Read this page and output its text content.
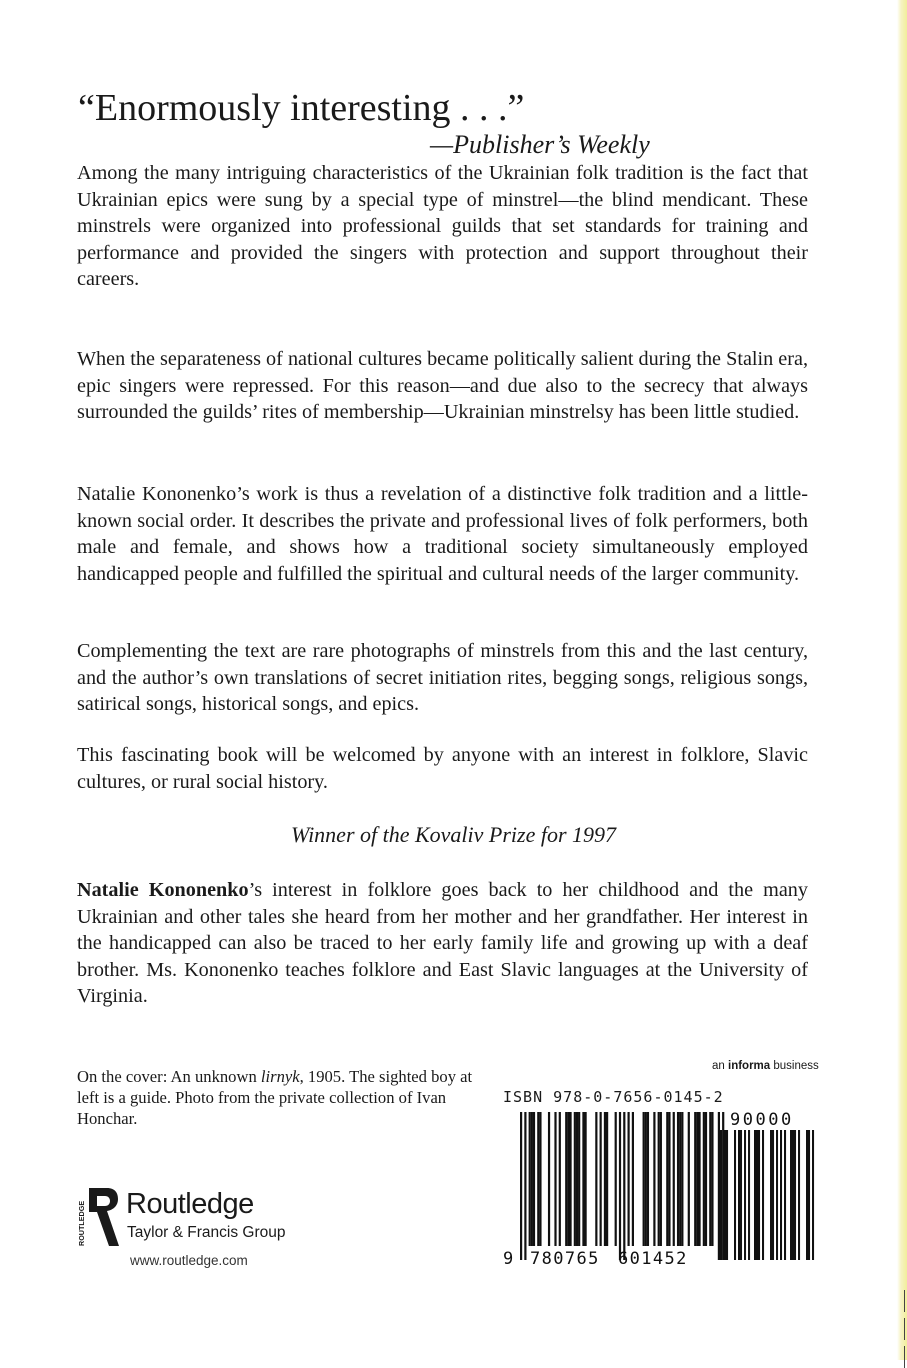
“Enormously interesting . . .”
—Publisher’s Weekly

Among the many intriguing characteristics of the Ukrainian folk tradition is the fact that Ukrainian epics were sung by a special type of minstrel—the blind mendicant. These minstrels were organized into professional guilds that set standards for training and performance and provided the singers with protection and support throughout their careers.

When the separateness of national cultures became politically salient during the Stalin era, epic singers were repressed. For this reason—and due also to the secrecy that always surrounded the guilds’ rites of membership—Ukrainian minstrelsy has been little studied.

Natalie Kononenko’s work is thus a revelation of a distinctive folk tradition and a little-known social order. It describes the private and professional lives of folk performers, both male and female, and shows how a traditional society simultaneously employed handicapped people and fulfilled the spiritual and cultural needs of the larger community.

Complementing the text are rare photographs of minstrels from this and the last century, and the author’s own translations of secret initiation rites, begging songs, religious songs, satirical songs, historical songs, and epics.

This fascinating book will be welcomed by anyone with an interest in folklore, Slavic cultures, or rural social history.

Winner of the Kovaliv Prize for 1997

Natalie Kononenko’s interest in folklore goes back to her childhood and the many Ukrainian and other tales she heard from her mother and her grandfather. Her interest in the handicapped can also be traced to her early family life and growing up with a deaf brother. Ms. Kononenko teaches folklore and East Slavic languages at the University of Virginia.

On the cover: An unknown lirnyk, 1905. The sighted boy at left is a guide. Photo from the private collection of Ivan Honchar.
ROUTLEDGE Routledge
Taylor & Francis Group
www.routledge.com
an informa business
ISBN 978-0-7656-0145-2
9 780765 601452
90000
